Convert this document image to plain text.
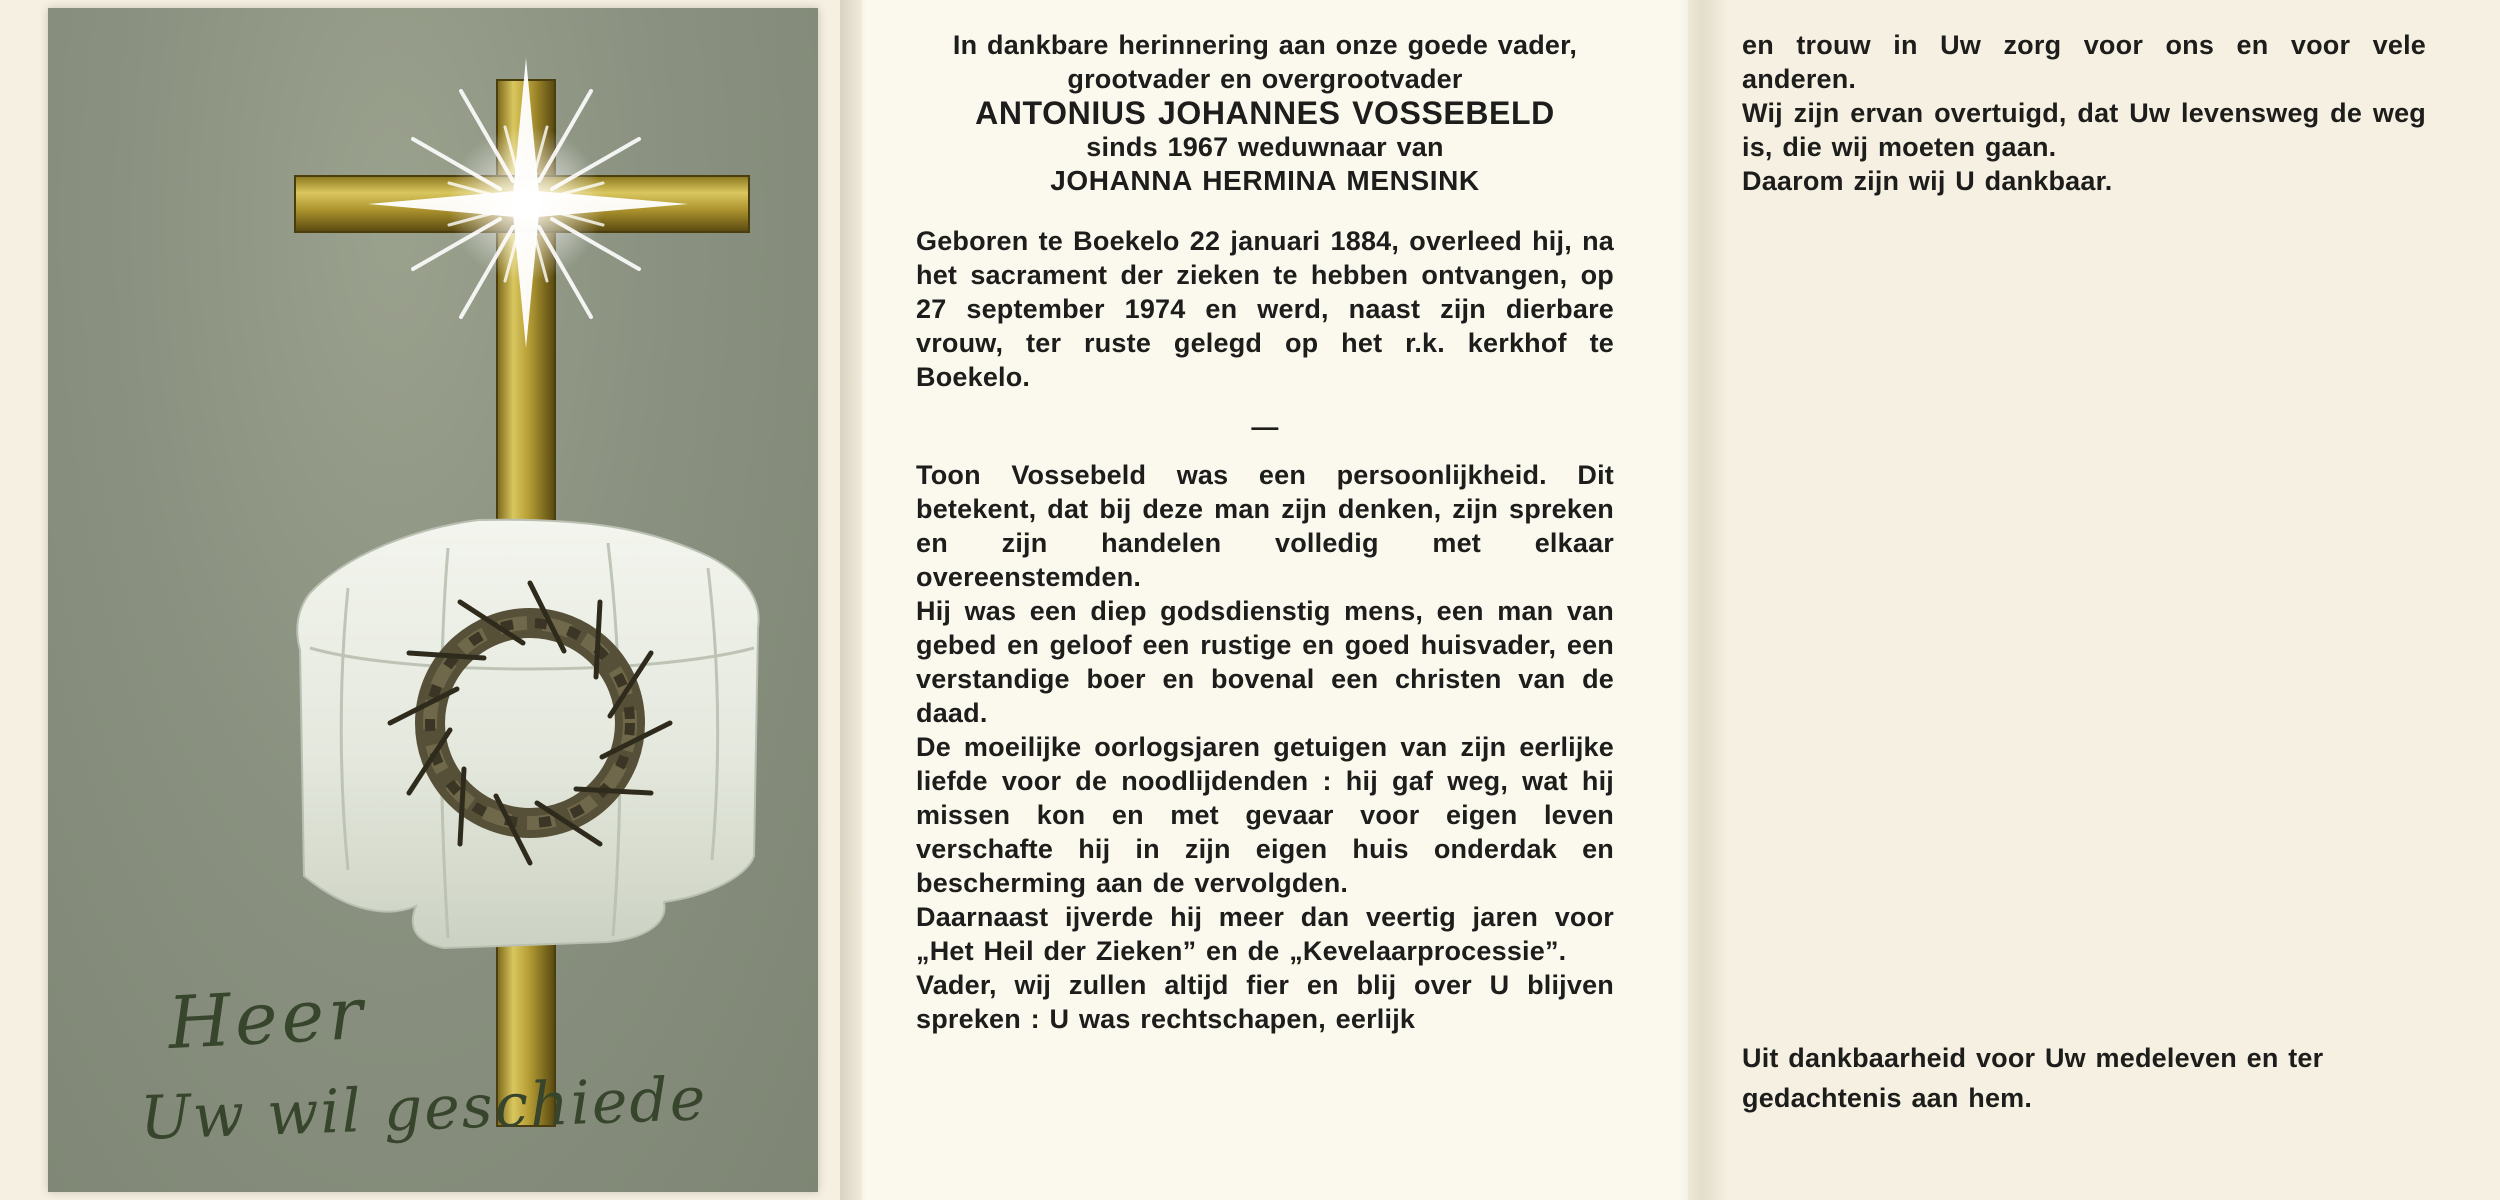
Heer
Uw wil geschiede

In dankbare herinnering aan onze goede vader, grootvader en overgrootvader

ANTONIUS JOHANNES VOSSEBELD

sinds 1967 weduwnaar van

JOHANNA HERMINA MENSINK

Geboren te Boekelo 22 januari 1884, overleed hij, na het sacrament der zieken te hebben ontvangen, op 27 september 1974 en werd, naast zijn dierbare vrouw, ter ruste gelegd op het r.k. kerkhof te Boekelo.

—

Toon Vossebeld was een persoonlijkheid. Dit betekent, dat bij deze man zijn denken, zijn spreken en zijn handelen volledig met elkaar overeenstemden.

Hij was een diep godsdienstig mens, een man van gebed en geloof een rustige en goed huisvader, een verstandige boer en bovenal een christen van de daad.

De moeilijke oorlogsjaren getuigen van zijn eerlijke liefde voor de noodlijdenden : hij gaf weg, wat hij missen kon en met gevaar voor eigen leven verschafte hij in zijn eigen huis onderdak en bescherming aan de vervolgden.

Daarnaast ijverde hij meer dan veertig jaren voor „Het Heil der Zieken” en de „Kevelaarprocessie”.

Vader, wij zullen altijd fier en blij over U blijven spreken : U was rechtschapen, eerlijk

en trouw in Uw zorg voor ons en voor vele anderen.

Wij zijn ervan overtuigd, dat Uw levensweg de weg is, die wij moeten gaan.

Daarom zijn wij U dankbaar.

Uit dankbaarheid voor Uw medeleven en ter gedachtenis aan hem.
